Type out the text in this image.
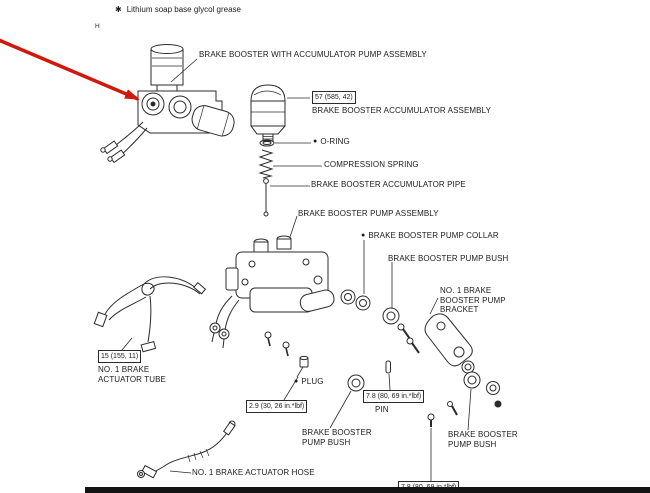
✱ Lithium soap base glycol grease
H
BRAKE BOOSTER WITH ACCUMULATOR PUMP ASSEMBLY
57 (585, 42)
BRAKE BOOSTER ACCUMULATOR ASSEMBLY
● O-RING
COMPRESSION SPRING
BRAKE BOOSTER ACCUMULATOR PIPE
BRAKE BOOSTER PUMP ASSEMBLY
● BRAKE BOOSTER PUMP COLLAR
BRAKE BOOSTER PUMP BUSH
NO. 1 BRAKE BOOSTER PUMP BRACKET
15 (155, 11)
NO. 1 BRAKE ACTUATOR TUBE	● PLUG
2.9 (30, 26 in.*lbf)
7.8 (80, 69 in.*lbf)
PIN
BRAKE BOOSTER PUMP BUSH
BRAKE BOOSTER PUMP BUSH
NO. 1 BRAKE ACTUATOR HOSE
